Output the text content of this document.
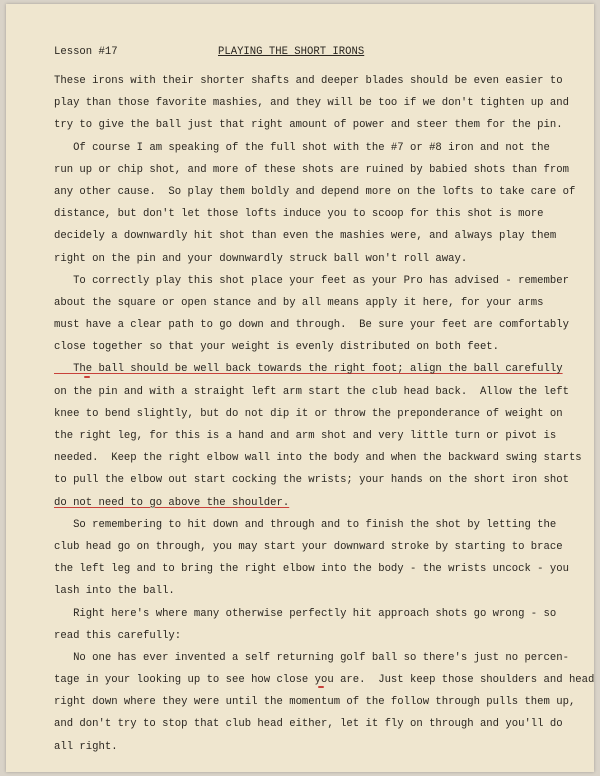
Lesson #17	PLAYING THE SHORT IRONS
These irons with their shorter shafts and deeper blades should be even easier to
play than those favorite mashies, and they will be too if we don't tighten up and
try to give the ball just that right amount of power and steer them for the pin.
Of course I am speaking of the full shot with the #7 or #8 iron and not the
run up or chip shot, and more of these shots are ruined by babied shots than from
any other cause.  So play them boldly and depend more on the lofts to take care of
distance, but don't let those lofts induce you to scoop for this shot is more
decidely a downwardly hit shot than even the mashies were, and always play them
right on the pin and your downwardly struck ball won't roll away.
To correctly play this shot place your feet as your Pro has advised - remember
about the square or open stance and by all means apply it here, for your arms
must have a clear path to go down and through.  Be sure your feet are comfortably
close together so that your weight is evenly distributed on both feet.
The ball should be well back towards the right foot; align the ball carefully
on the pin and with a straight left arm start the club head back.  Allow the left
knee to bend slightly, but do not dip it or throw the preponderance of weight on
the right leg, for this is a hand and arm shot and very little turn or pivot is
needed.  Keep the right elbow wall into the body and when the backward swing starts
to pull the elbow out start cocking the wrists; your hands on the short iron shot
do not need to go above the shoulder.
So remembering to hit down and through and to finish the shot by letting the
club head go on through, you may start your downward stroke by starting to brace
the left leg and to bring the right elbow into the body - the wrists uncock - you
lash into the ball.
Right here's where many otherwise perfectly hit approach shots go wrong - so
read this carefully:
No one has ever invented a self returning golf ball so there's just no percen-
tage in your looking up to see how close you are.  Just keep those shoulders and head
right down where they were until the momentum of the follow through pulls them up,
and don't try to stop that club head either, let it fly on through and you'll do
all right.
